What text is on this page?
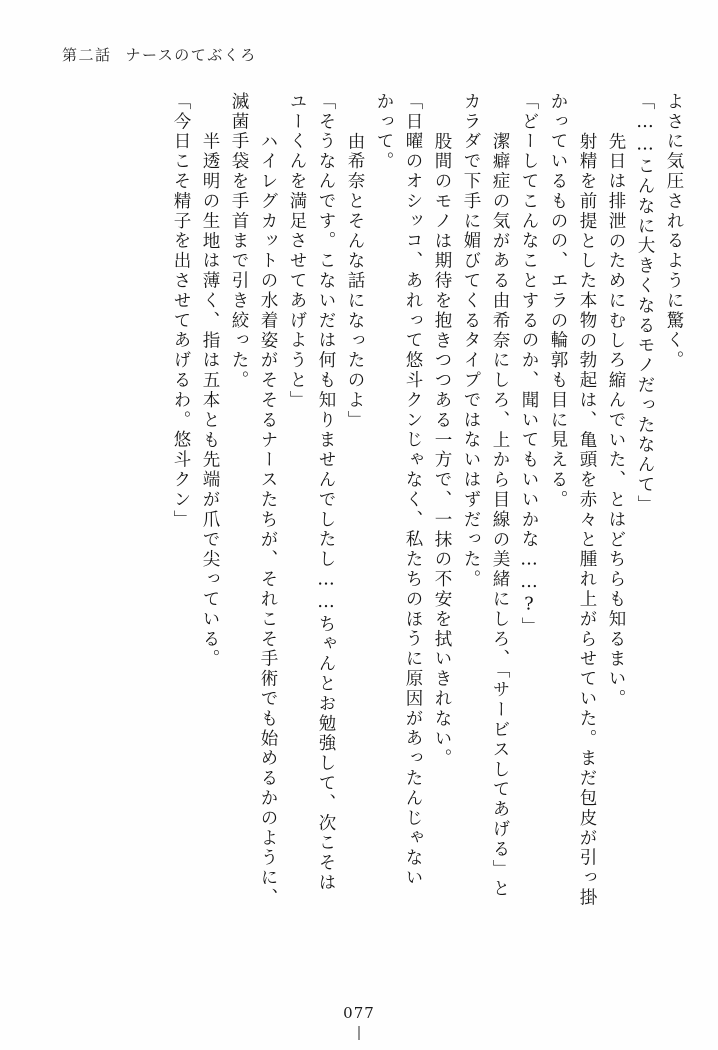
第二話 ナースのてぶくろ
よさに気圧されるように驚く。
「……こんなに大きくなるモノだったなんて」
　先日は排泄のためにむしろ縮んでいた、とはどちらも知るまい。
　射精を前提とした本物の勃起は、亀頭を赤々と腫れ上がらせていた。まだ包皮が引っ掛
かっているものの、エラの輪郭も目に見える。
「どーしてこんなことするのか、聞いてもいいかな……?」
　潔癖症の気がある由希奈にしろ、上から目線の美緒にしろ、「サービスしてあげる」と
カラダで下手に媚びてくるタイプではないはずだった。
　股間のモノは期待を抱きつつある一方で、一抹の不安を拭いきれない。
「日曜のオシッコ、あれって悠斗クンじゃなく、私たちのほうに原因があったんじゃない
かって。
　由希奈とそんな話になったのよ」
「そうなんです。こないだは何も知りませんでしたし……ちゃんとお勉強して、次こそは
ユーくんを満足させてあげようと」
　ハイレグカットの水着姿がそそるナースたちが、それこそ手術でも始めるかのように、
滅菌手袋を手首まで引き絞った。
　半透明の生地は薄く、指は五本とも先端が爪で尖っている。
「今日こそ精子を出させてあげるわ。悠斗クン」
077
